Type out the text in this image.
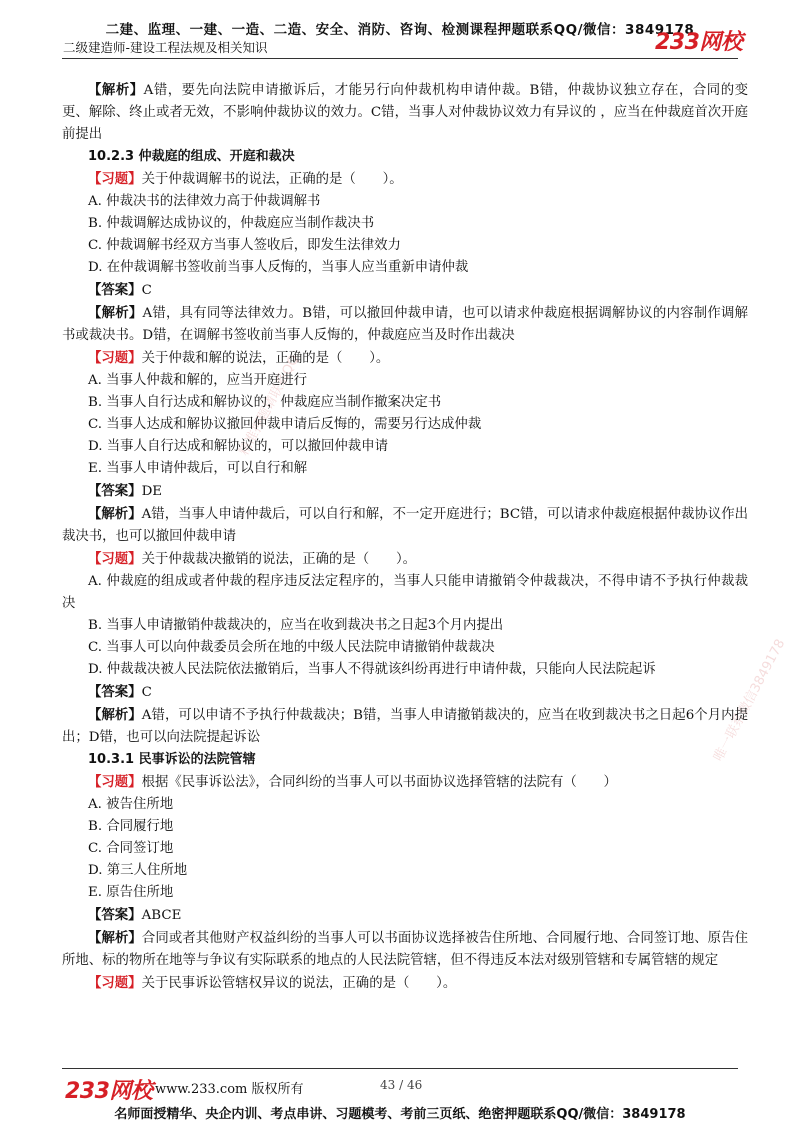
二建、监理、一建、一造、二造、安全、消防、咨询、检测课程押题联系QQ/微信：3849178
二级建造师-建设工程法规及相关知识	233网校
精准押题请联系QQ
唯一联系微信3849178

【解析】A错，要先向法院申请撤诉后，才能另行向仲裁机构申请仲裁。B错，仲裁协议独立存在，合同的变更、解除、终止或者无效，不影响仲裁协议的效力。C错，当事人对仲裁协议效力有异议的 ，应当在仲裁庭首次开庭前提出

10.2.3 仲裁庭的组成、开庭和裁决

【习题】关于仲裁调解书的说法，正确的是（　　）。

A. 仲裁决书的法律效力高于仲裁调解书

B. 仲裁调解达成协议的，仲裁庭应当制作裁决书

C. 仲裁调解书经双方当事人签收后，即发生法律效力

D. 在仲裁调解书签收前当事人反悔的，当事人应当重新申请仲裁

【答案】C

【解析】A错，具有同等法律效力。B错，可以撤回仲裁申请，也可以请求仲裁庭根据调解协议的内容制作调解书或裁决书。D错，在调解书签收前当事人反悔的，仲裁庭应当及时作出裁决

【习题】关于仲裁和解的说法，正确的是（　　）。

A. 当事人仲裁和解的，应当开庭进行

B. 当事人自行达成和解协议的，仲裁庭应当制作撤案决定书

C. 当事人达成和解协议撤回仲裁申请后反悔的，需要另行达成仲裁

D. 当事人自行达成和解协议的，可以撤回仲裁申请

E. 当事人申请仲裁后，可以自行和解

【答案】DE

【解析】A错，当事人申请仲裁后，可以自行和解，不一定开庭进行；BC错，可以请求仲裁庭根据仲裁协议作出裁决书，也可以撤回仲裁申请

【习题】关于仲裁裁决撤销的说法，正确的是（　　）。

A. 仲裁庭的组成或者仲裁的程序违反法定程序的，当事人只能申请撤销令仲裁裁决，不得申请不予执行仲裁裁决

B. 当事人申请撤销仲裁裁决的，应当在收到裁决书之日起3个月内提出

C. 当事人可以向仲裁委员会所在地的中级人民法院申请撤销仲裁裁决

D. 仲裁裁决被人民法院依法撤销后，当事人不得就该纠纷再进行申请仲裁，只能向人民法院起诉

【答案】C

【解析】A错，可以申请不予执行仲裁裁决；B错，当事人申请撤销裁决的，应当在收到裁决书之日起6个月内提出；D错，也可以向法院提起诉讼

10.3.1 民事诉讼的法院管辖

【习题】根据《民事诉讼法》，合同纠纷的当事人可以书面协议选择管辖的法院有（　　）

A. 被告住所地

B. 合同履行地

C. 合同签订地

D. 第三人住所地

E. 原告住所地

【答案】ABCE

【解析】合同或者其他财产权益纠纷的当事人可以书面协议选择被告住所地、合同履行地、合同签订地、原告住所地、标的物所在地等与争议有实际联系的地点的人民法院管辖，但不得违反本法对级别管辖和专属管辖的规定

【习题】关于民事诉讼管辖权异议的说法，正确的是（　　）。

233网校 www.233.com 版权所有	43 / 46
名师面授精华、央企内训、考点串讲、习题模考、考前三页纸、绝密押题联系QQ/微信：3849178
